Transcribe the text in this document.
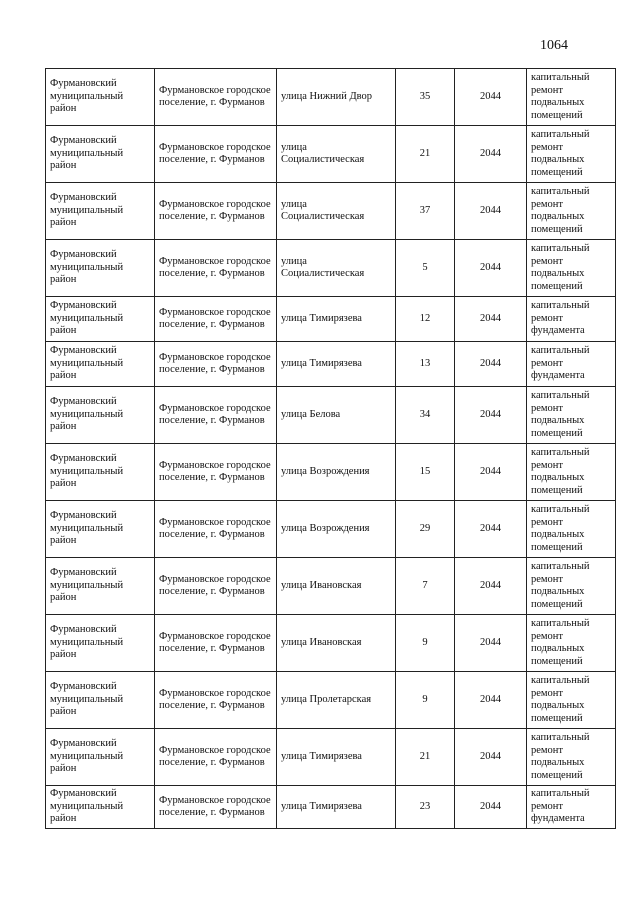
1064
Фурмановский муниципальный район	Фурмановское городское поселение, г. Фурманов	улица Нижний Двор	35	2044	капитальный ремонт подвальных помещений
Фурмановский муниципальный район	Фурмановское городское поселение, г. Фурманов	улица Социалистическая	21	2044	капитальный ремонт подвальных помещений
Фурмановский муниципальный район	Фурмановское городское поселение, г. Фурманов	улица Социалистическая	37	2044	капитальный ремонт подвальных помещений
Фурмановский муниципальный район	Фурмановское городское поселение, г. Фурманов	улица Социалистическая	5	2044	капитальный ремонт подвальных помещений
Фурмановский муниципальный район	Фурмановское городское поселение, г. Фурманов	улица Тимирязева	12	2044	капитальный ремонт фундамента
Фурмановский муниципальный район	Фурмановское городское поселение, г. Фурманов	улица Тимирязева	13	2044	капитальный ремонт фундамента
Фурмановский муниципальный район	Фурмановское городское поселение, г. Фурманов	улица Белова	34	2044	капитальный ремонт подвальных помещений
Фурмановский муниципальный район	Фурмановское городское поселение, г. Фурманов	улица Возрождения	15	2044	капитальный ремонт подвальных помещений
Фурмановский муниципальный район	Фурмановское городское поселение, г. Фурманов	улица Возрождения	29	2044	капитальный ремонт подвальных помещений
Фурмановский муниципальный район	Фурмановское городское поселение, г. Фурманов	улица Ивановская	7	2044	капитальный ремонт подвальных помещений
Фурмановский муниципальный район	Фурмановское городское поселение, г. Фурманов	улица Ивановская	9	2044	капитальный ремонт подвальных помещений
Фурмановский муниципальный район	Фурмановское городское поселение, г. Фурманов	улица Пролетарская	9	2044	капитальный ремонт подвальных помещений
Фурмановский муниципальный район	Фурмановское городское поселение, г. Фурманов	улица Тимирязева	21	2044	капитальный ремонт подвальных помещений
Фурмановский муниципальный район	Фурмановское городское поселение, г. Фурманов	улица Тимирязева	23	2044	капитальный ремонт фундамента
